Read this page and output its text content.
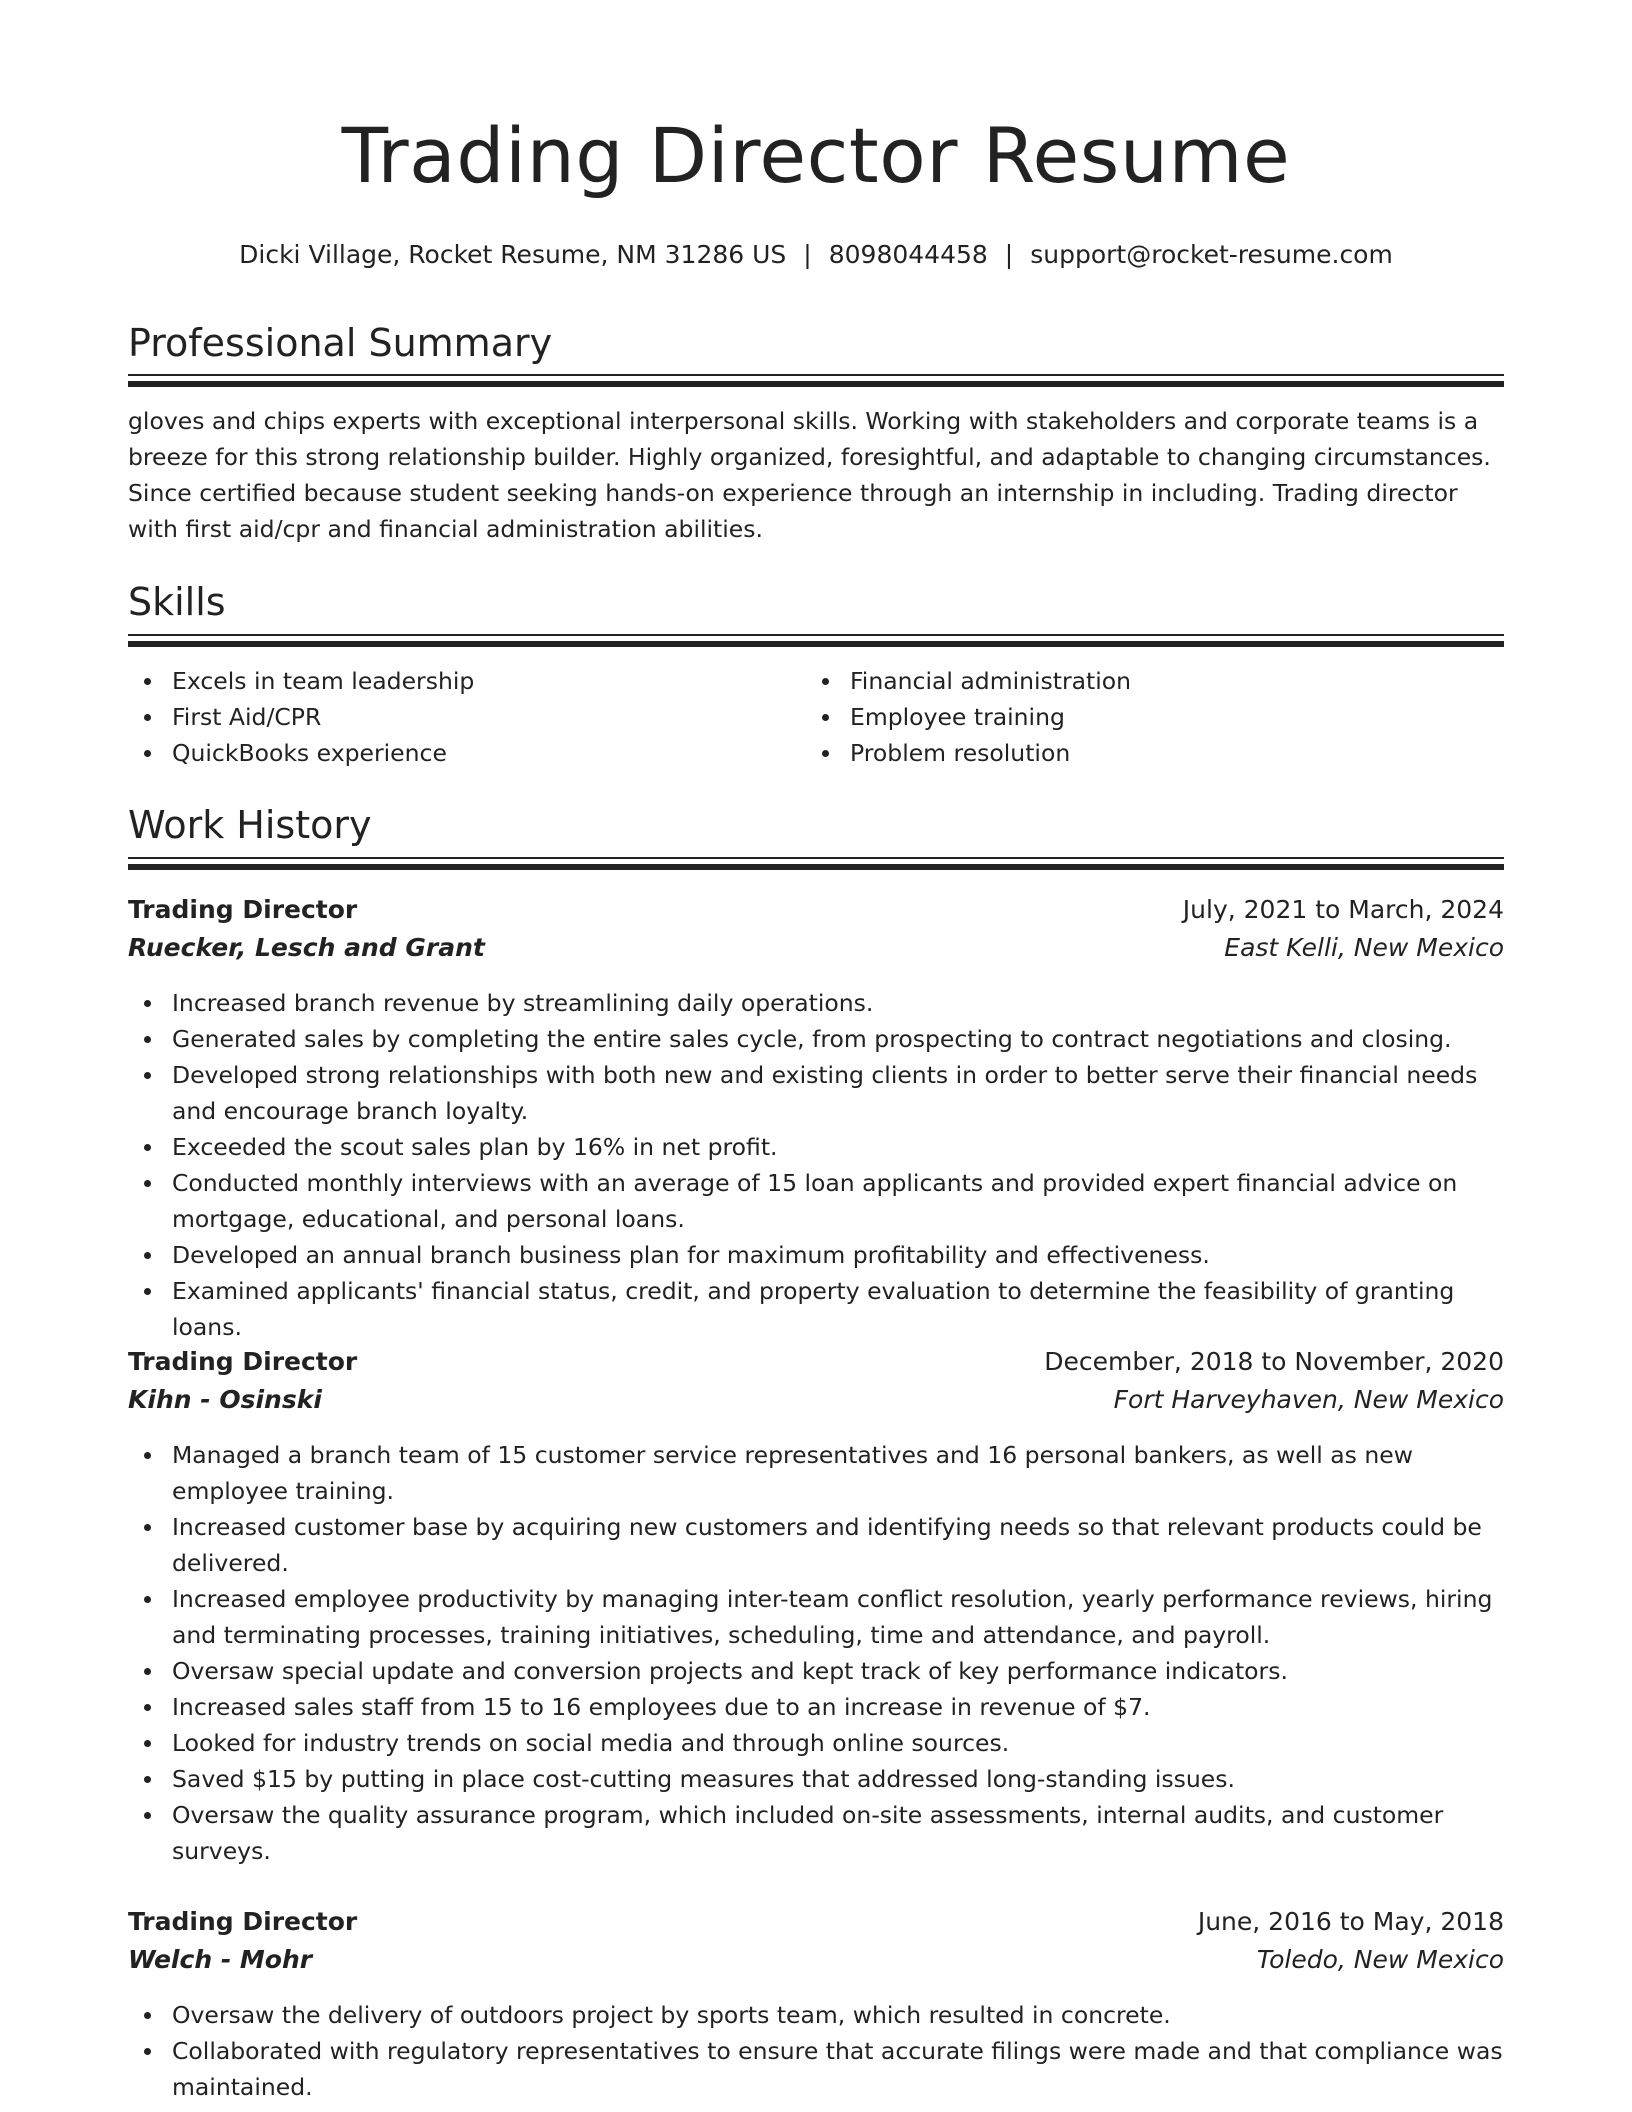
Trading Director Resume
Dicki Village, Rocket Resume, NM 31286 US | 8098044458 | support@rocket-resume.com
Professional Summary

gloves and chips experts with exceptional interpersonal skills. Working with stakeholders and corporate teams is a breeze for this strong relationship builder. Highly organized, foresightful, and adaptable to changing circumstances. Since certified because student seeking hands-on experience through an internship in including. Trading director with first aid/cpr and financial administration abilities.

Skills
Excels in team leadership
First Aid/CPR
QuickBooks experience
Financial administration
Employee training
Problem resolution
Work History
Trading Director	July, 2021 to March, 2024
Ruecker, Lesch and Grant	East Kelli, New Mexico
Increased branch revenue by streamlining daily operations.
Generated sales by completing the entire sales cycle, from prospecting to contract negotiations and closing.
Developed strong relationships with both new and existing clients in order to better serve their financial needs and encourage branch loyalty.
Exceeded the scout sales plan by 16% in net profit.
Conducted monthly interviews with an average of 15 loan applicants and provided expert financial advice on mortgage, educational, and personal loans.
Developed an annual branch business plan for maximum profitability and effectiveness.
Examined applicants' financial status, credit, and property evaluation to determine the feasibility of granting loans.
Trading Director	December, 2018 to November, 2020
Kihn - Osinski	Fort Harveyhaven, New Mexico
Managed a branch team of 15 customer service representatives and 16 personal bankers, as well as new employee training.
Increased customer base by acquiring new customers and identifying needs so that relevant products could be delivered.
Increased employee productivity by managing inter-team conflict resolution, yearly performance reviews, hiring and terminating processes, training initiatives, scheduling, time and attendance, and payroll.
Oversaw special update and conversion projects and kept track of key performance indicators.
Increased sales staff from 15 to 16 employees due to an increase in revenue of $7.
Looked for industry trends on social media and through online sources.
Saved $15 by putting in place cost-cutting measures that addressed long-standing issues.
Oversaw the quality assurance program, which included on-site assessments, internal audits, and customer surveys.
Trading Director	June, 2016 to May, 2018
Welch - Mohr	Toledo, New Mexico
Oversaw the delivery of outdoors project by sports team, which resulted in concrete.
Collaborated with regulatory representatives to ensure that accurate filings were made and that compliance was maintained.
